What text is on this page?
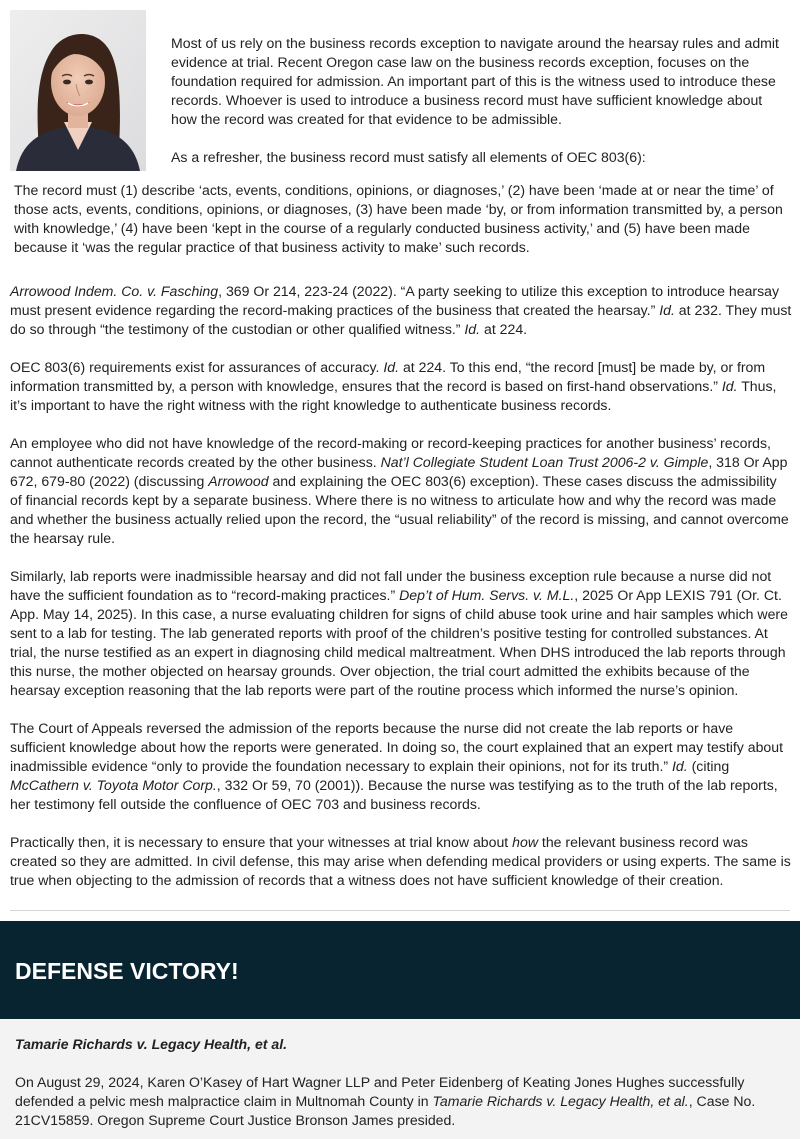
Most of us rely on the business records exception to navigate around the hearsay rules and admit evidence at trial. Recent Oregon case law on the business records exception, focuses on the foundation required for admission. An important part of this is the witness used to introduce these records. Whoever is used to introduce a business record must have sufficient knowledge about how the record was created for that evidence to be admissible.

As a refresher, the business record must satisfy all elements of OEC 803(6):

The record must (1) describe ‘acts, events, conditions, opinions, or diagnoses,’ (2) have been ‘made at or near the time’ of those acts, events, conditions, opinions, or diagnoses, (3) have been made ‘by, or from information transmitted by, a person with knowledge,’ (4) have been ‘kept in the course of a regularly conducted business activity,’ and (5) have been made because it ‘was the regular practice of that business activity to make’ such records.

Arrowood Indem. Co. v. Fasching, 369 Or 214, 223-24 (2022). “A party seeking to utilize this exception to introduce hearsay must present evidence regarding the record-making practices of the business that created the hearsay.” Id. at 232. They must do so through “the testimony of the custodian or other qualified witness.” Id. at 224.

OEC 803(6) requirements exist for assurances of accuracy. Id. at 224. To this end, “the record [must] be made by, or from information transmitted by, a person with knowledge, ensures that the record is based on first-hand observations.” Id. Thus, it’s important to have the right witness with the right knowledge to authenticate business records.

An employee who did not have knowledge of the record-making or record-keeping practices for another business’ records, cannot authenticate records created by the other business. Nat’l Collegiate Student Loan Trust 2006-2 v. Gimple, 318 Or App 672, 679-80 (2022) (discussing Arrowood and explaining the OEC 803(6) exception). These cases discuss the admissibility of financial records kept by a separate business. Where there is no witness to articulate how and why the record was made and whether the business actually relied upon the record, the “usual reliability” of the record is missing, and cannot overcome the hearsay rule.

Similarly, lab reports were inadmissible hearsay and did not fall under the business exception rule because a nurse did not have the sufficient foundation as to “record-making practices.” Dep’t of Hum. Servs. v. M.L., 2025 Or App LEXIS 791 (Or. Ct. App. May 14, 2025). In this case, a nurse evaluating children for signs of child abuse took urine and hair samples which were sent to a lab for testing. The lab generated reports with proof of the children’s positive testing for controlled substances. At trial, the nurse testified as an expert in diagnosing child medical maltreatment. When DHS introduced the lab reports through this nurse, the mother objected on hearsay grounds. Over objection, the trial court admitted the exhibits because of the hearsay exception reasoning that the lab reports were part of the routine process which informed the nurse’s opinion.

The Court of Appeals reversed the admission of the reports because the nurse did not create the lab reports or have sufficient knowledge about how the reports were generated. In doing so, the court explained that an expert may testify about inadmissible evidence “only to provide the foundation necessary to explain their opinions, not for its truth.” Id. (citing McCathern v. Toyota Motor Corp., 332 Or 59, 70 (2001)). Because the nurse was testifying as to the truth of the lab reports, her testimony fell outside the confluence of OEC 703 and business records.

Practically then, it is necessary to ensure that your witnesses at trial know about how the relevant business record was created so they are admitted. In civil defense, this may arise when defending medical providers or using experts. The same is true when objecting to the admission of records that a witness does not have sufficient knowledge of their creation.

DEFENSE VICTORY!

Tamarie Richards v. Legacy Health, et al.

On August 29, 2024, Karen O’Kasey of Hart Wagner LLP and Peter Eidenberg of Keating Jones Hughes successfully defended a pelvic mesh malpractice claim in Multnomah County in Tamarie Richards v. Legacy Health, et al., Case No. 21CV15859. Oregon Supreme Court Justice Bronson James presided.
